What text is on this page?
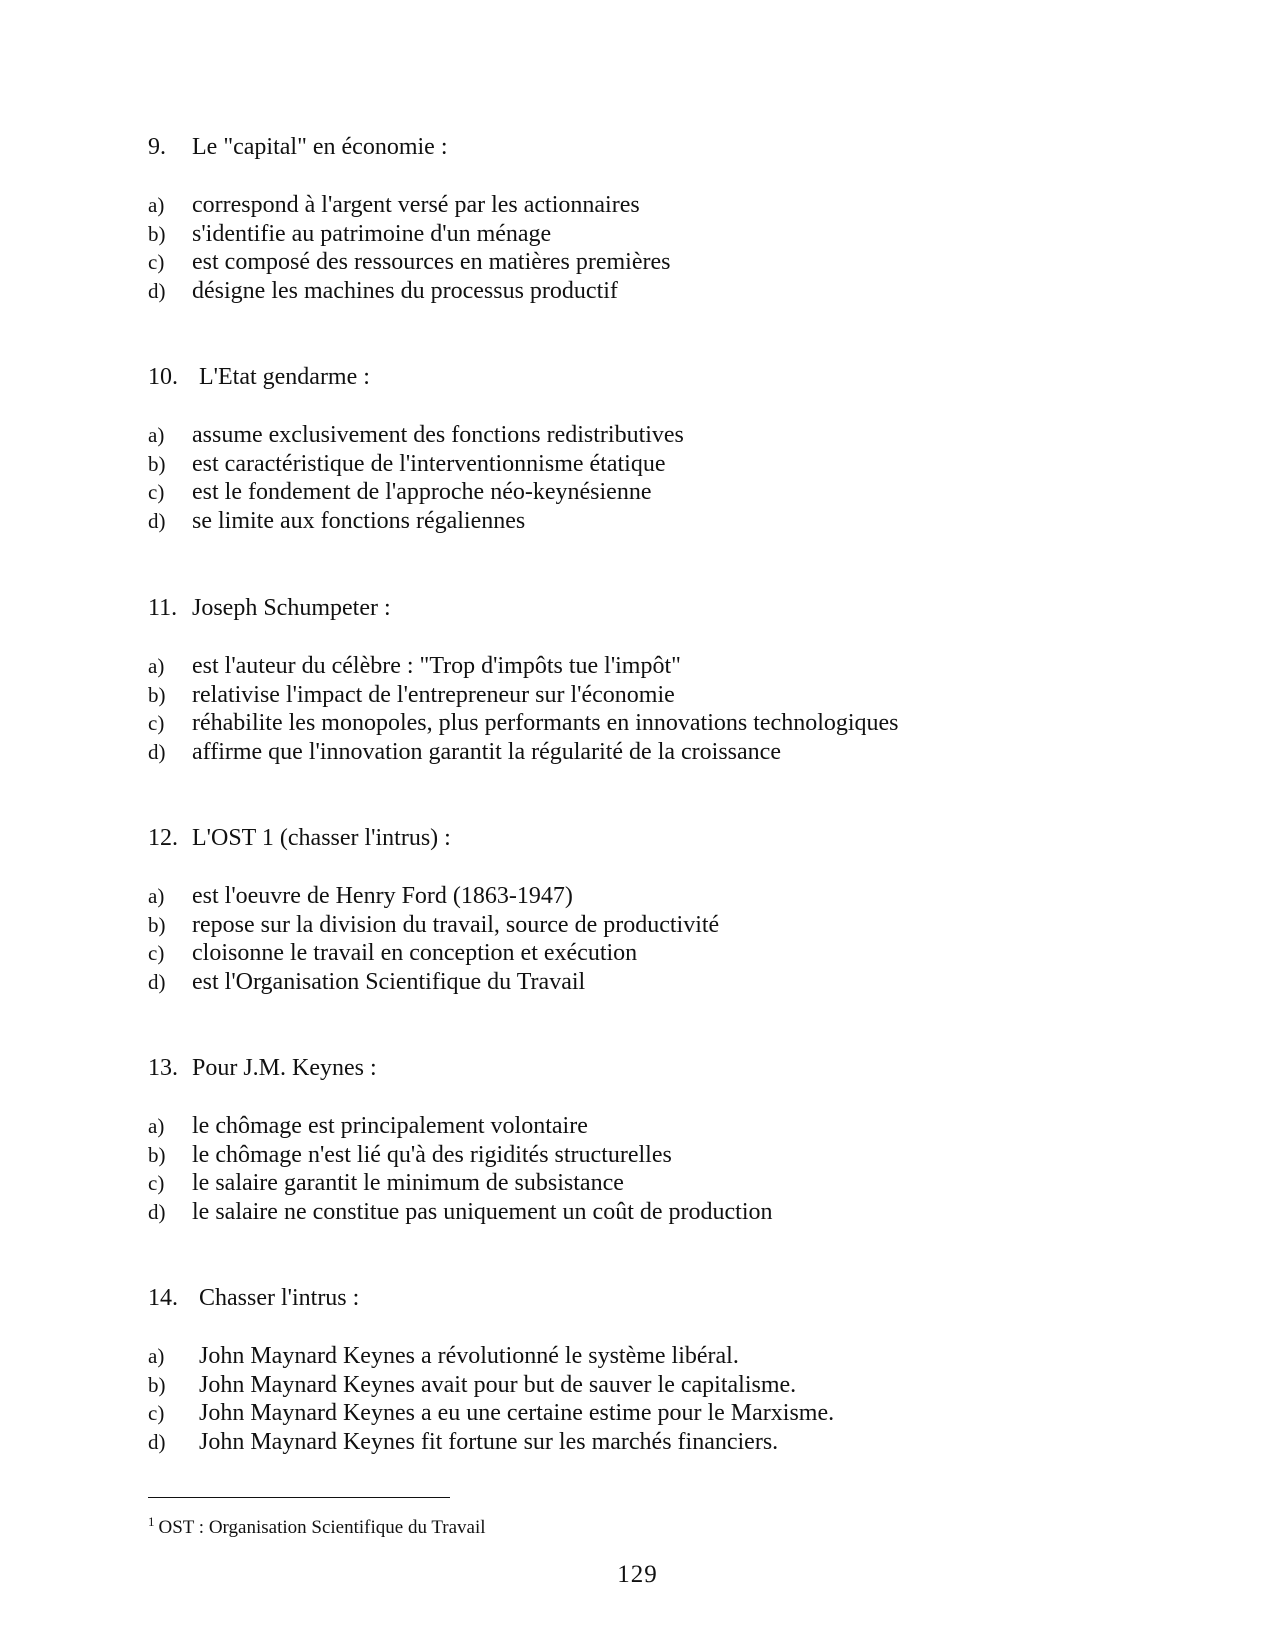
9. Le "capital" en économie :
a) correspond à l'argent versé par les actionnaires
b) s'identifie au patrimoine d'un ménage
c) est composé des ressources en matières premières
d) désigne les machines du processus productif
10. L'Etat gendarme :
a) assume exclusivement des fonctions redistributives
b) est caractéristique de l'interventionnisme étatique
c) est le fondement de l'approche néo-keynésienne
d) se limite aux fonctions régaliennes
11. Joseph Schumpeter :
a) est l'auteur du célèbre : "Trop d'impôts tue l'impôt"
b) relativise l'impact de l'entrepreneur sur l'économie
c) réhabilite les monopoles, plus performants en innovations technologiques
d) affirme que l'innovation garantit la régularité de la croissance
12. L'OST 1 (chasser l'intrus) :
a) est l'oeuvre de Henry Ford (1863-1947)
b) repose sur la division du travail, source de productivité
c) cloisonne le travail en conception et exécution
d) est l'Organisation Scientifique du Travail
13. Pour J.M. Keynes :
a) le chômage est principalement volontaire
b) le chômage n'est lié qu'à des rigidités structurelles
c) le salaire garantit le minimum de subsistance
d) le salaire ne constitue pas uniquement un coût de production
14. Chasser l'intrus :
a) John Maynard Keynes a révolutionné le système libéral.
b) John Maynard Keynes avait pour but de sauver le capitalisme.
c) John Maynard Keynes a eu une certaine estime pour le Marxisme.
d) John Maynard Keynes fit fortune sur les marchés financiers.
$^1$ OST : Organisation Scientifique du Travail
129
